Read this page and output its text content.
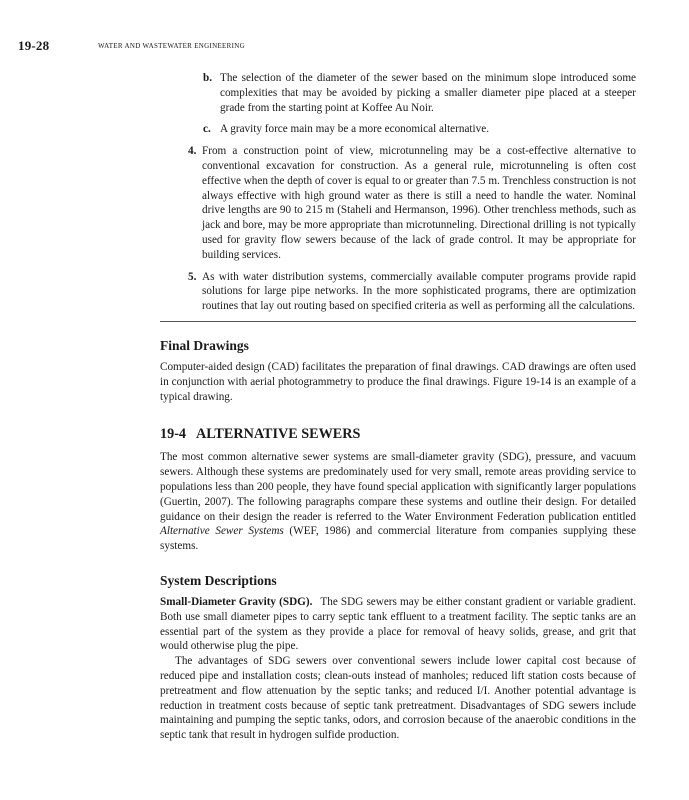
19-28	WATER AND WASTEWATER ENGINEERING
b. The selection of the diameter of the sewer based on the minimum slope introduced some complexities that may be avoided by picking a smaller diameter pipe placed at a steeper grade from the starting point at Koffee Au Noir.
c. A gravity force main may be a more economical alternative.
4. From a construction point of view, microtunneling may be a cost-effective alternative to conventional excavation for construction. As a general rule, microtunneling is often cost effective when the depth of cover is equal to or greater than 7.5 m. Trenchless construction is not always effective with high ground water as there is still a need to handle the water. Nominal drive lengths are 90 to 215 m (Staheli and Hermanson, 1996). Other trenchless methods, such as jack and bore, may be more appropriate than microtunneling. Directional drilling is not typically used for gravity flow sewers because of the lack of grade control. It may be appropriate for building services.
5. As with water distribution systems, commercially available computer programs provide rapid solutions for large pipe networks. In the more sophisticated programs, there are optimization routines that lay out routing based on specified criteria as well as performing all the calculations.
Final Drawings

Computer-aided design (CAD) facilitates the preparation of final drawings. CAD drawings are often used in conjunction with aerial photogrammetry to produce the final drawings. Figure 19-14 is an example of a typical drawing.

19-4 ALTERNATIVE SEWERS

The most common alternative sewer systems are small-diameter gravity (SDG), pressure, and vacuum sewers. Although these systems are predominately used for very small, remote areas providing service to populations less than 200 people, they have found special application with significantly larger populations (Guertin, 2007). The following paragraphs compare these systems and outline their design. For detailed guidance on their design the reader is referred to the Water Environment Federation publication entitled Alternative Sewer Systems (WEF, 1986) and commercial literature from companies supplying these systems.

System Descriptions

Small-Diameter Gravity (SDG). The SDG sewers may be either constant gradient or variable gradient. Both use small diameter pipes to carry septic tank effluent to a treatment facility. The septic tanks are an essential part of the system as they provide a place for removal of heavy solids, grease, and grit that would otherwise plug the pipe.

The advantages of SDG sewers over conventional sewers include lower capital cost because of reduced pipe and installation costs; clean-outs instead of manholes; reduced lift station costs because of pretreatment and flow attenuation by the septic tanks; and reduced I/I. Another potential advantage is reduction in treatment costs because of septic tank pretreatment. Disadvantages of SDG sewers include maintaining and pumping the septic tanks, odors, and corrosion because of the anaerobic conditions in the septic tank that result in hydrogen sulfide production.
